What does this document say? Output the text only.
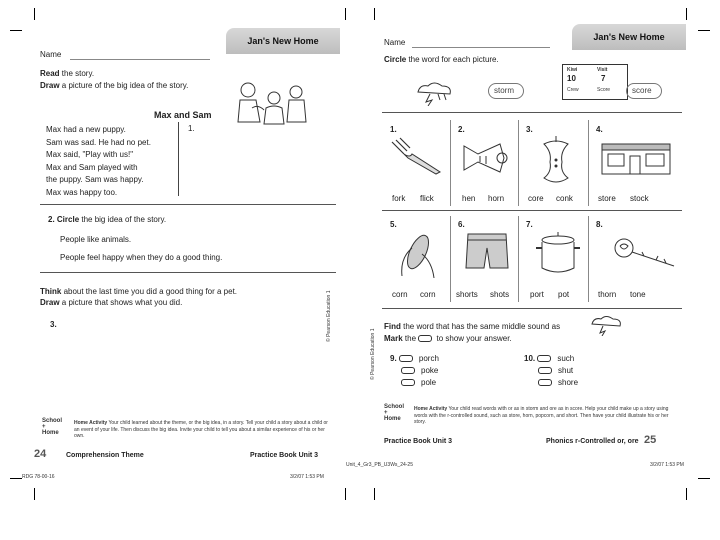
Jan's New Home
Name
Read the story.
Draw a picture of the big idea of the story.
Max and Sam
Max had a new puppy.
Sam was sad. He had no pet.
Max said, "Play with us!"
Max and Sam played with
the puppy. Sam was happy.
Max was happy too.
1.
2. Circle the big idea of the story.
People like animals.
People feel happy when they do a good thing.
Think about the last time you did a good thing for a pet.
Draw a picture that shows what you did.
3.	© Pearson Education 1
School
+
Home
Home Activity Your child learned about the theme, or the big idea, in a story. Tell your child a story about a child or an event of your life. Then discuss the big idea. Invite your child to tell you about a similar experience of his or her own.
24	Comprehension Theme	Practice Book Unit 3
RDG 78-00-16	3/2/07 1:53 PM
Jan's New Home
Name
Circle the word for each picture.
storm
Kiwi	Visit
10	7
Crew	Score	score
1.
fork flick
2.
hen horn
3.
core conk
4.
store stock
5.
corn corn
6.
shorts shots
7.
port pot
8.
thorn tone
Find the word that has the same middle sound as
Mark the  to show your answer.
9.	porch
poke
pole
10.	such
shut
shore
© Pearson Education 1
School
+
Home
Home Activity Your child read words with or as in storm and ore as in score. Help your child make up a story using words with the r-controlled sound, such as store, horn, popcorn, and short. Then have your child illustrate his or her story.
Practice Book Unit 3	Phonics r-Controlled or, ore 25
Unit_4_Gr3_PB_U3Ws_24-25	3/2/07 1:53 PM
